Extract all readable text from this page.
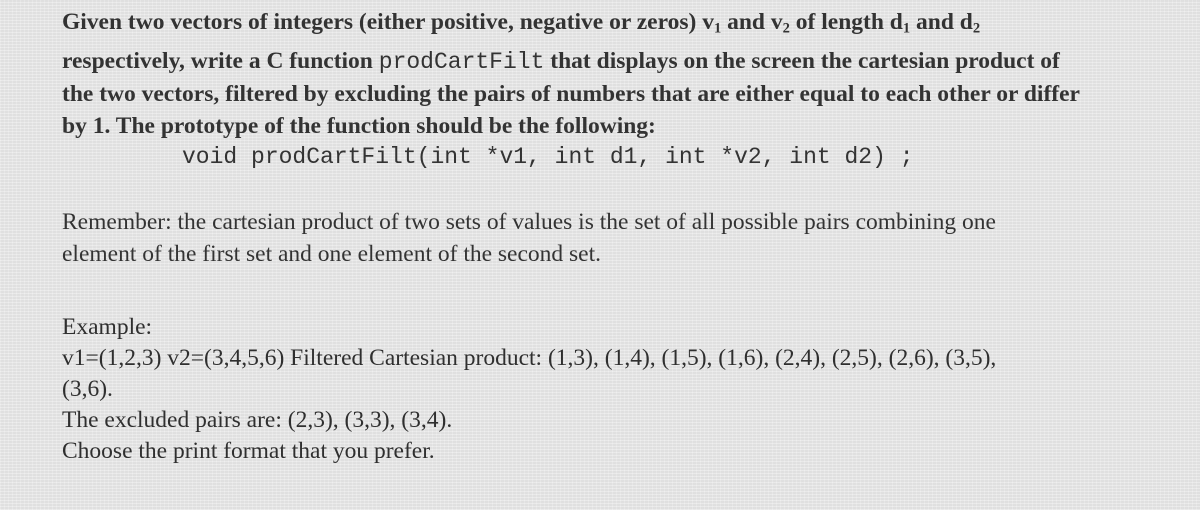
Given two vectors of integers (either positive, negative or zeros) $v_1$ and $v_2$ of length $d_1$ and $d_2$
respectively, write a C function prodCartFilt that displays on the screen the cartesian product of
the two vectors, filtered by excluding the pairs of numbers that are either equal to each other or differ
by 1. The prototype of the function should be the following:
void prodCartFilt(int *v1, int d1, int *v2, int d2) ;
Remember: the cartesian product of two sets of values is the set of all possible pairs combining one
element of the first set and one element of the second set.
Example:
v1=(1,2,3) v2=(3,4,5,6) Filtered Cartesian product: (1,3), (1,4), (1,5), (1,6), (2,4), (2,5), (2,6), (3,5),
(3,6).
The excluded pairs are: (2,3), (3,3), (3,4).
Choose the print format that you prefer.
